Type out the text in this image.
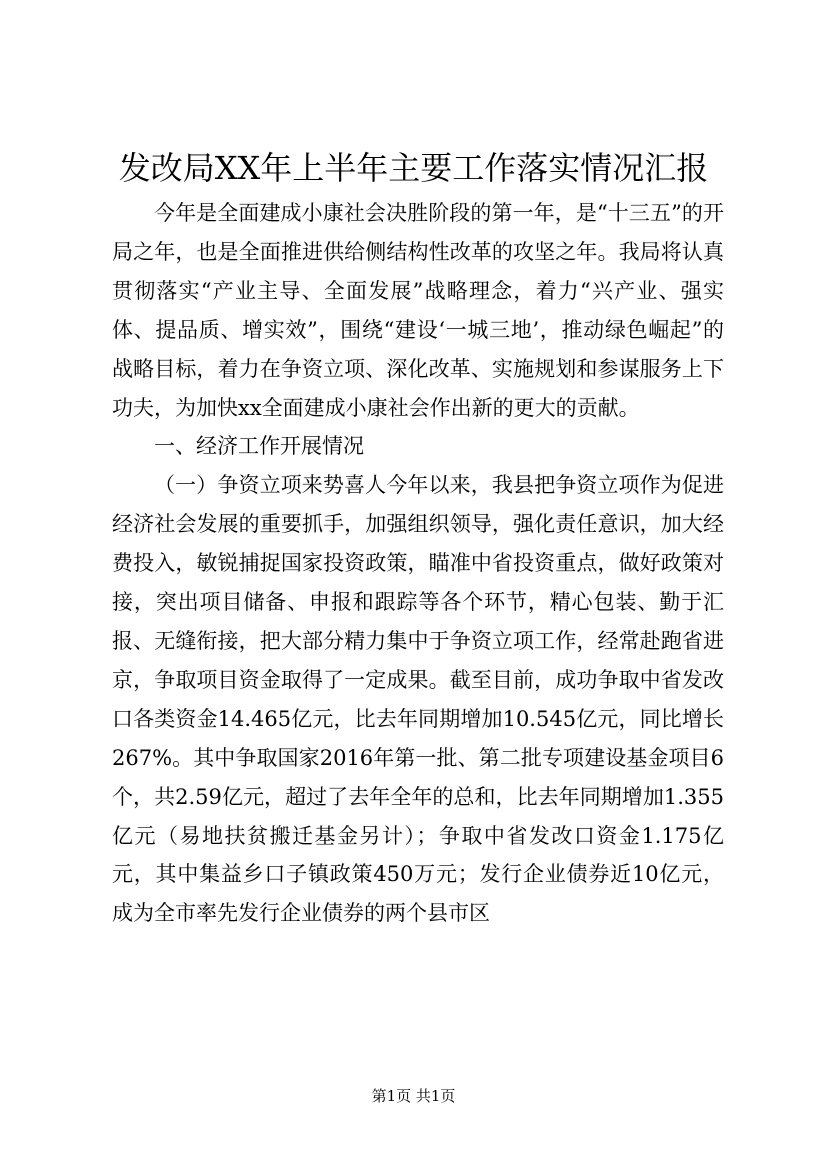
发改局XX年上半年主要工作落实情况汇报

今年是全面建成小康社会决胜阶段的第一年，是“十三五”的开局之年，也是全面推进供给侧结构性改革的攻坚之年。我局将认真贯彻落实“产业主导、全面发展”战略理念，着力“兴产业、强实体、提品质、增实效”，围绕“建设‘一城三地’，推动绿色崛起”的战略目标，着力在争资立项、深化改革、实施规划和参谋服务上下功夫，为加快xx全面建成小康社会作出新的更大的贡献。

一、经济工作开展情况

（一）争资立项来势喜人今年以来，我县把争资立项作为促进经济社会发展的重要抓手，加强组织领导，强化责任意识，加大经费投入，敏锐捕捉国家投资政策，瞄准中省投资重点，做好政策对接，突出项目储备、申报和跟踪等各个环节，精心包装、勤于汇报、无缝衔接，把大部分精力集中于争资立项工作，经常赴跑省进京，争取项目资金取得了一定成果。截至目前，成功争取中省发改口各类资金14.465亿元，比去年同期增加10.545亿元，同比增长267%。其中争取国家2016年第一批、第二批专项建设基金项目6个，共2.59亿元，超过了去年全年的总和，比去年同期增加1.355亿元（易地扶贫搬迁基金另计）；争取中省发改口资金1.175亿元，其中集益乡口子镇政策450万元；发行企业债券近10亿元，成为全市率先发行企业债券的两个县市区

第1页 共1页
